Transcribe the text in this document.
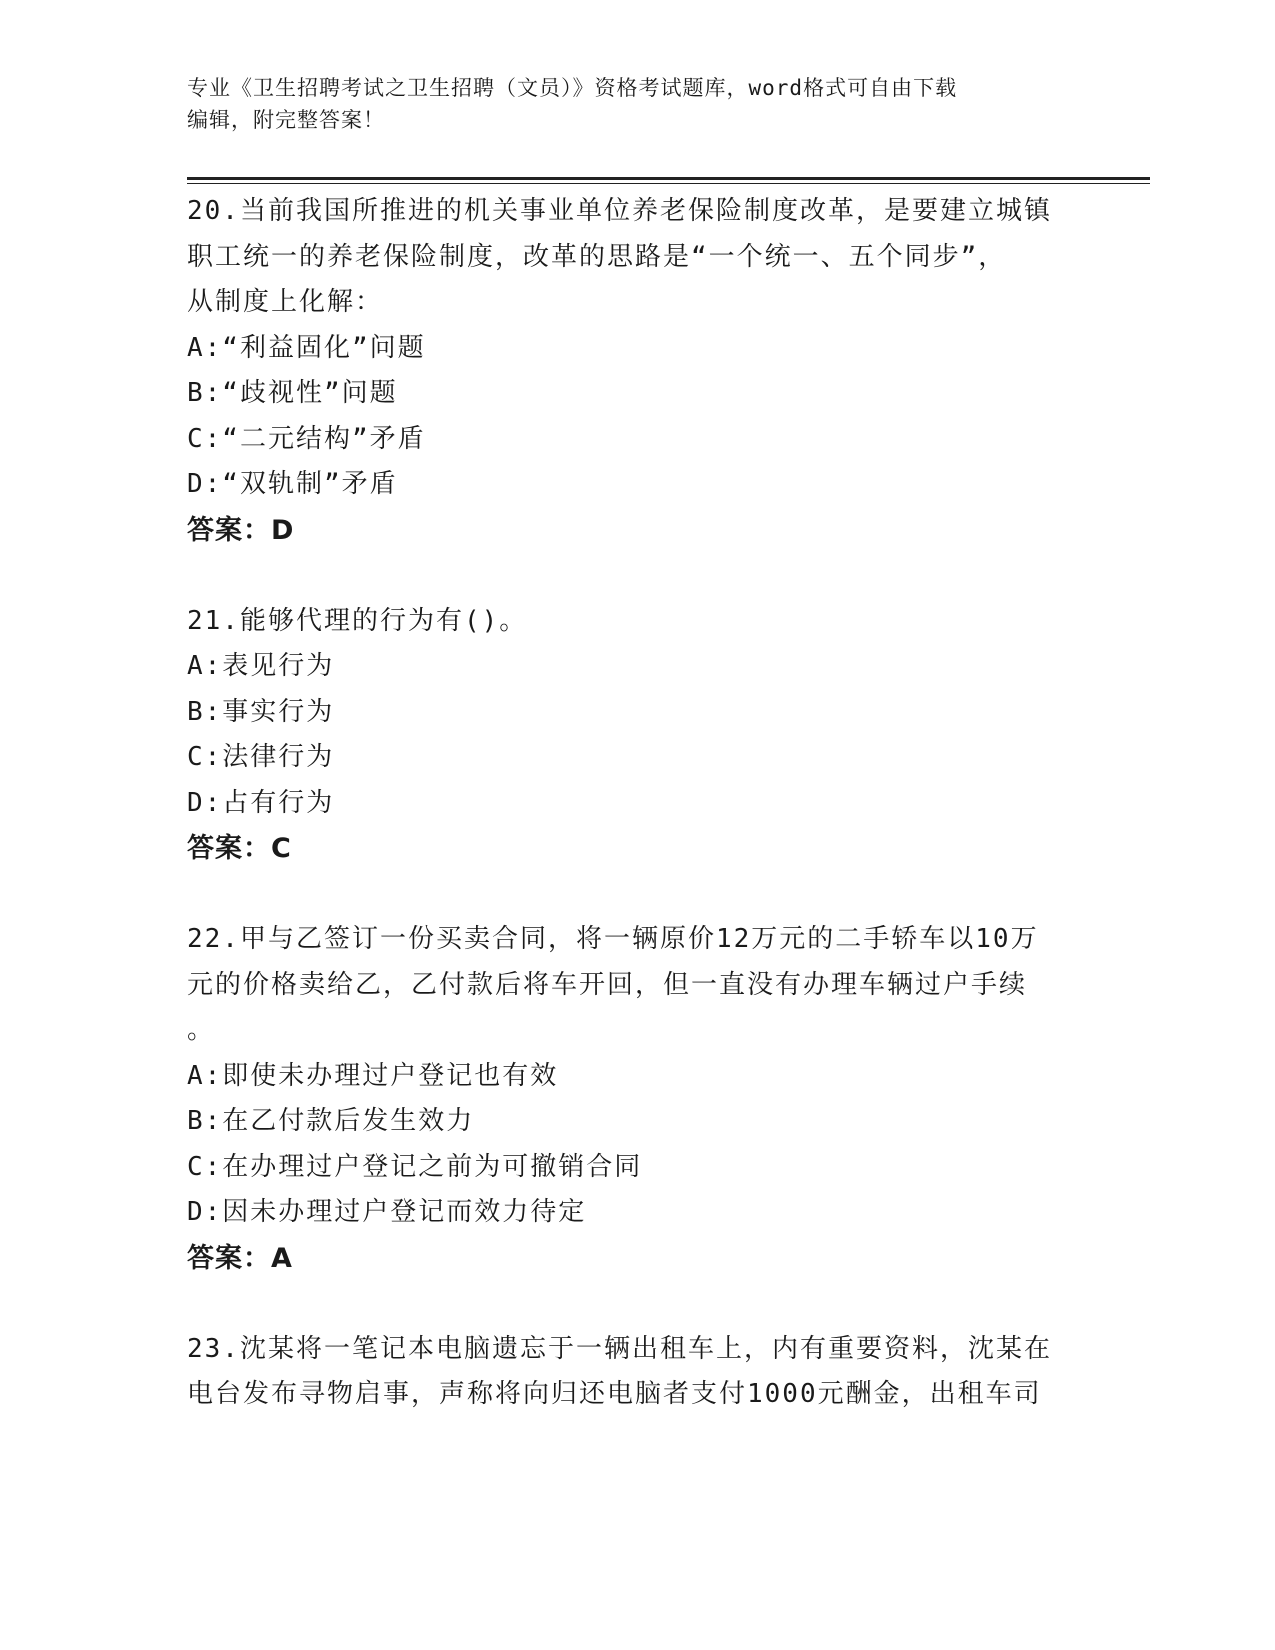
专业《卫生招聘考试之卫生招聘（文员）》资格考试题库，word格式可自由下载
编辑，附完整答案！
20.当前我国所推进的机关事业单位养老保险制度改革，是要建立城镇
职工统一的养老保险制度，改革的思路是“一个统一、五个同步”，
从制度上化解：
A:“利益固化”问题
B:“歧视性”问题
C:“二元结构”矛盾
D:“双轨制”矛盾
答案：D
21.能够代理的行为有()。
A:表见行为
B:事实行为
C:法律行为
D:占有行为
答案：C
22.甲与乙签订一份买卖合同，将一辆原价12万元的二手轿车以10万
元的价格卖给乙，乙付款后将车开回，但一直没有办理车辆过户手续
。
A:即使未办理过户登记也有效
B:在乙付款后发生效力
C:在办理过户登记之前为可撤销合同
D:因未办理过户登记而效力待定
答案：A
23.沈某将一笔记本电脑遗忘于一辆出租车上，内有重要资料，沈某在
电台发布寻物启事，声称将向归还电脑者支付1000元酬金，出租车司
